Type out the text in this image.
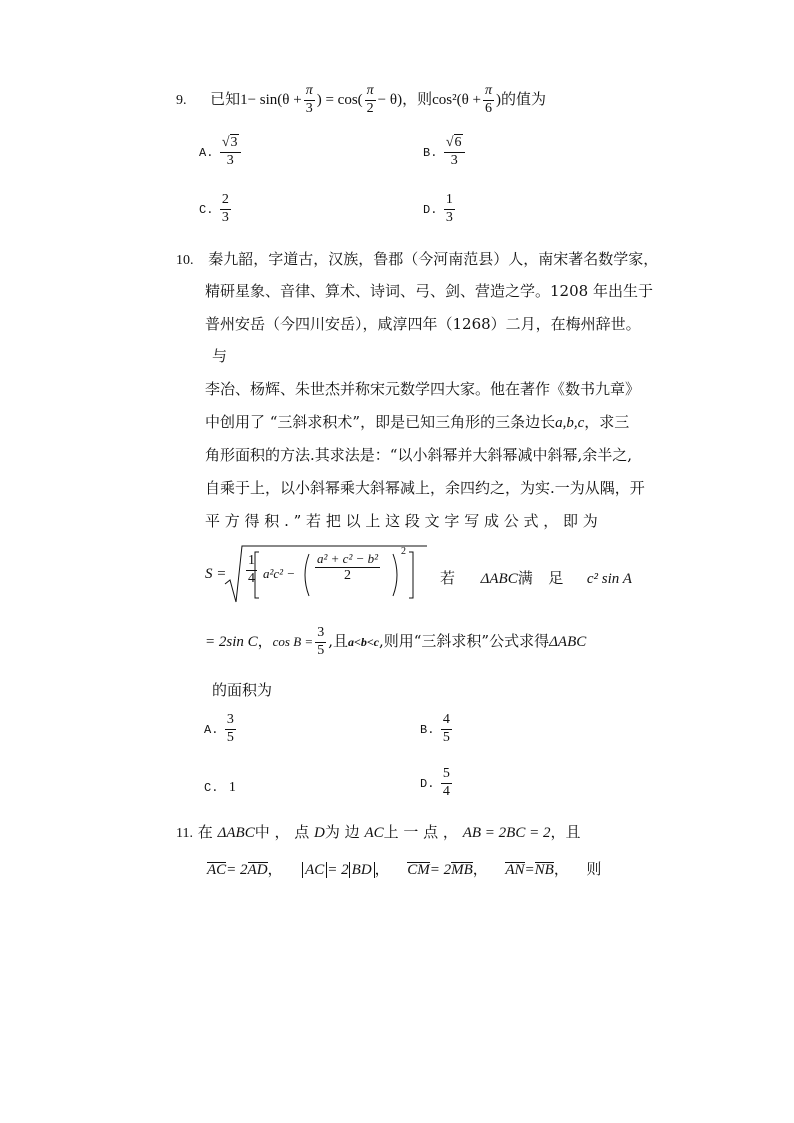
9. 已知$1- \sin(\theta + \frac{\pi}{3}$ ) = $\cos( \frac{\pi}{2} - \theta)$，则$\cos^2(\theta + \frac{\pi}{6}$ )的值为
A. $\frac{√3}{3}$	B. $\frac{√6}{3}$
C. $\frac{2}{3}$	D. $\frac{1}{3}$
10. 秦九韶，字道古，汉族，鲁郡（今河南范县）人，南宋著名数学家，
精研星象、音律、算术、诗词、弓、剑、营造之学。1208 年出生于
普州安岳（今四川安岳），咸淳四年（1268）二月，在梅州辞世。
与
李冶、杨辉、朱世杰并称宋元数学四大家。他在著作《数书九章》
中创用了 “三斜求积术”，即是已知三角形的三条边长a,b,c，求三
角形面积的方法.其求法是：“以小斜幂并大斜幂减中斜幂,余半之,
自乘于上，以小斜幂乘大斜幂减上，余四约之，为实.一为从隅，开
平 方 得 积 . ” 若 把 以 上 这 段 文 字 写 成 公 式 ， 即 为
$S = \frac{1}{4} a^2c^2 - \frac{\text{a² + c² − b²}}{2}$
2
若 ΔABC满 足 c² sin A
= 2sin C，$\cos B = \frac{3}{5}$ ,且a<b<c,则用“三斜求积”公式求得ΔABC
的面积为
A. $\frac{3}{5}$	B. $\frac{4}{5}$
C. 1	D. $\frac{5}{4}$
11. 在 ΔABC中 ， 点 D为 边 AC上 一 点 ， AB = 2BC = 2，且
AC= 2AD， AC = 2 BD ， CM= 2MB， AN=NB， 则
